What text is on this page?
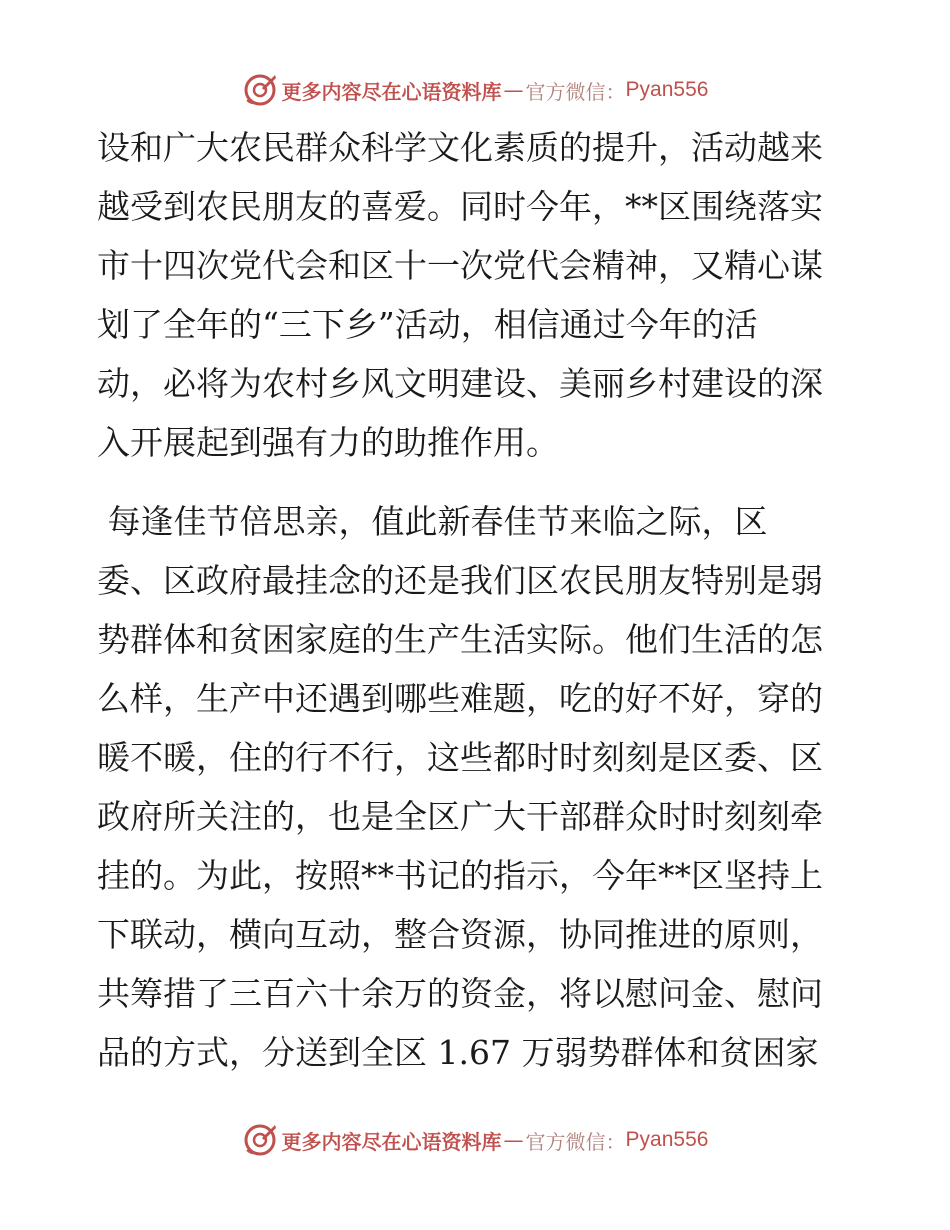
更多内容尽在心语资料库 — 官方微信： Pyan556
设和广大农民群众科学文化素质的提升，活动越来
越受到农民朋友的喜爱。同时今年，**区围绕落实
市十四次党代会和区十一次党代会精神，又精心谋
划了全年的“三下乡”活动，相信通过今年的活
动，必将为农村乡风文明建设、美丽乡村建设的深
入开展起到强有力的助推作用。
每逢佳节倍思亲，值此新春佳节来临之际，区
委、区政府最挂念的还是我们区农民朋友特别是弱
势群体和贫困家庭的生产生活实际。他们生活的怎
么样，生产中还遇到哪些难题，吃的好不好，穿的
暖不暖，住的行不行，这些都时时刻刻是区委、区
政府所关注的，也是全区广大干部群众时时刻刻牵
挂的。为此，按照**书记的指示，今年**区坚持上
下联动，横向互动，整合资源，协同推进的原则，
共筹措了三百六十余万的资金，将以慰问金、慰问
品的方式，分送到全区 1.67 万弱势群体和贫困家
更多内容尽在心语资料库 — 官方微信： Pyan556
